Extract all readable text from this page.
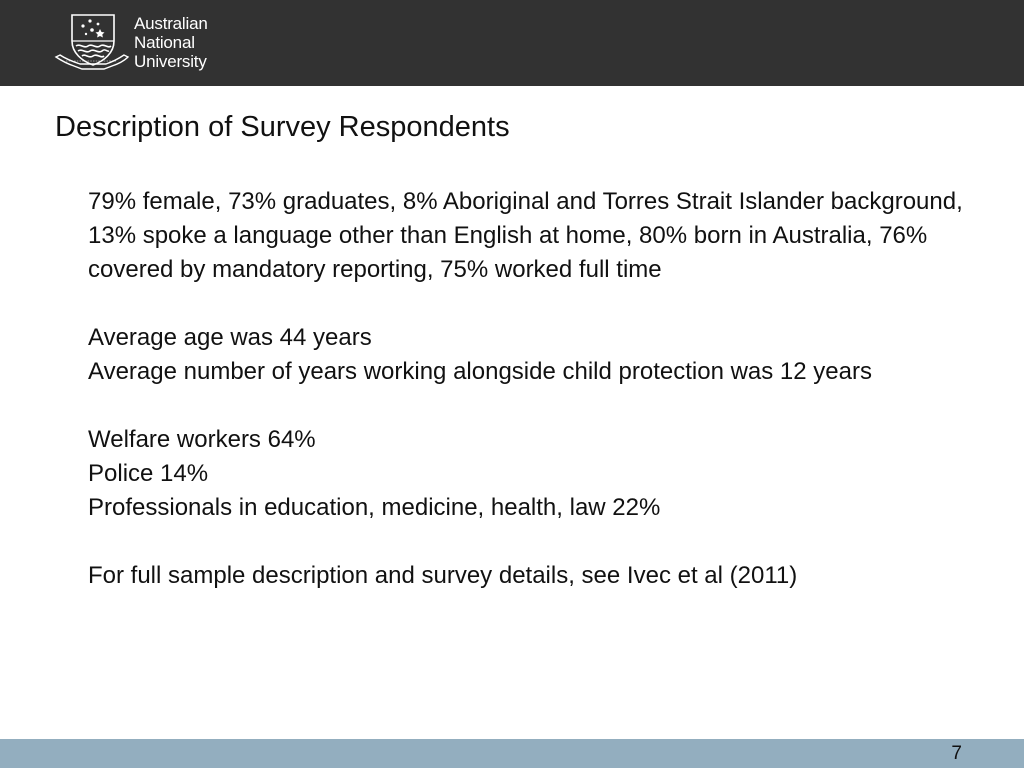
Australian
National
University
Description of Survey Respondents

79% female, 73% graduates, 8% Aboriginal and Torres Strait Islander background, 13% spoke a language other than English at home, 80% born in Australia, 76% covered by mandatory reporting, 75% worked full time

Average age was 44 years

Average number of years working alongside child protection was 12 years

Welfare workers 64%

Police 14%

Professionals in education, medicine, health, law 22%

For full sample description and survey details, see Ivec et al (2011)

7
